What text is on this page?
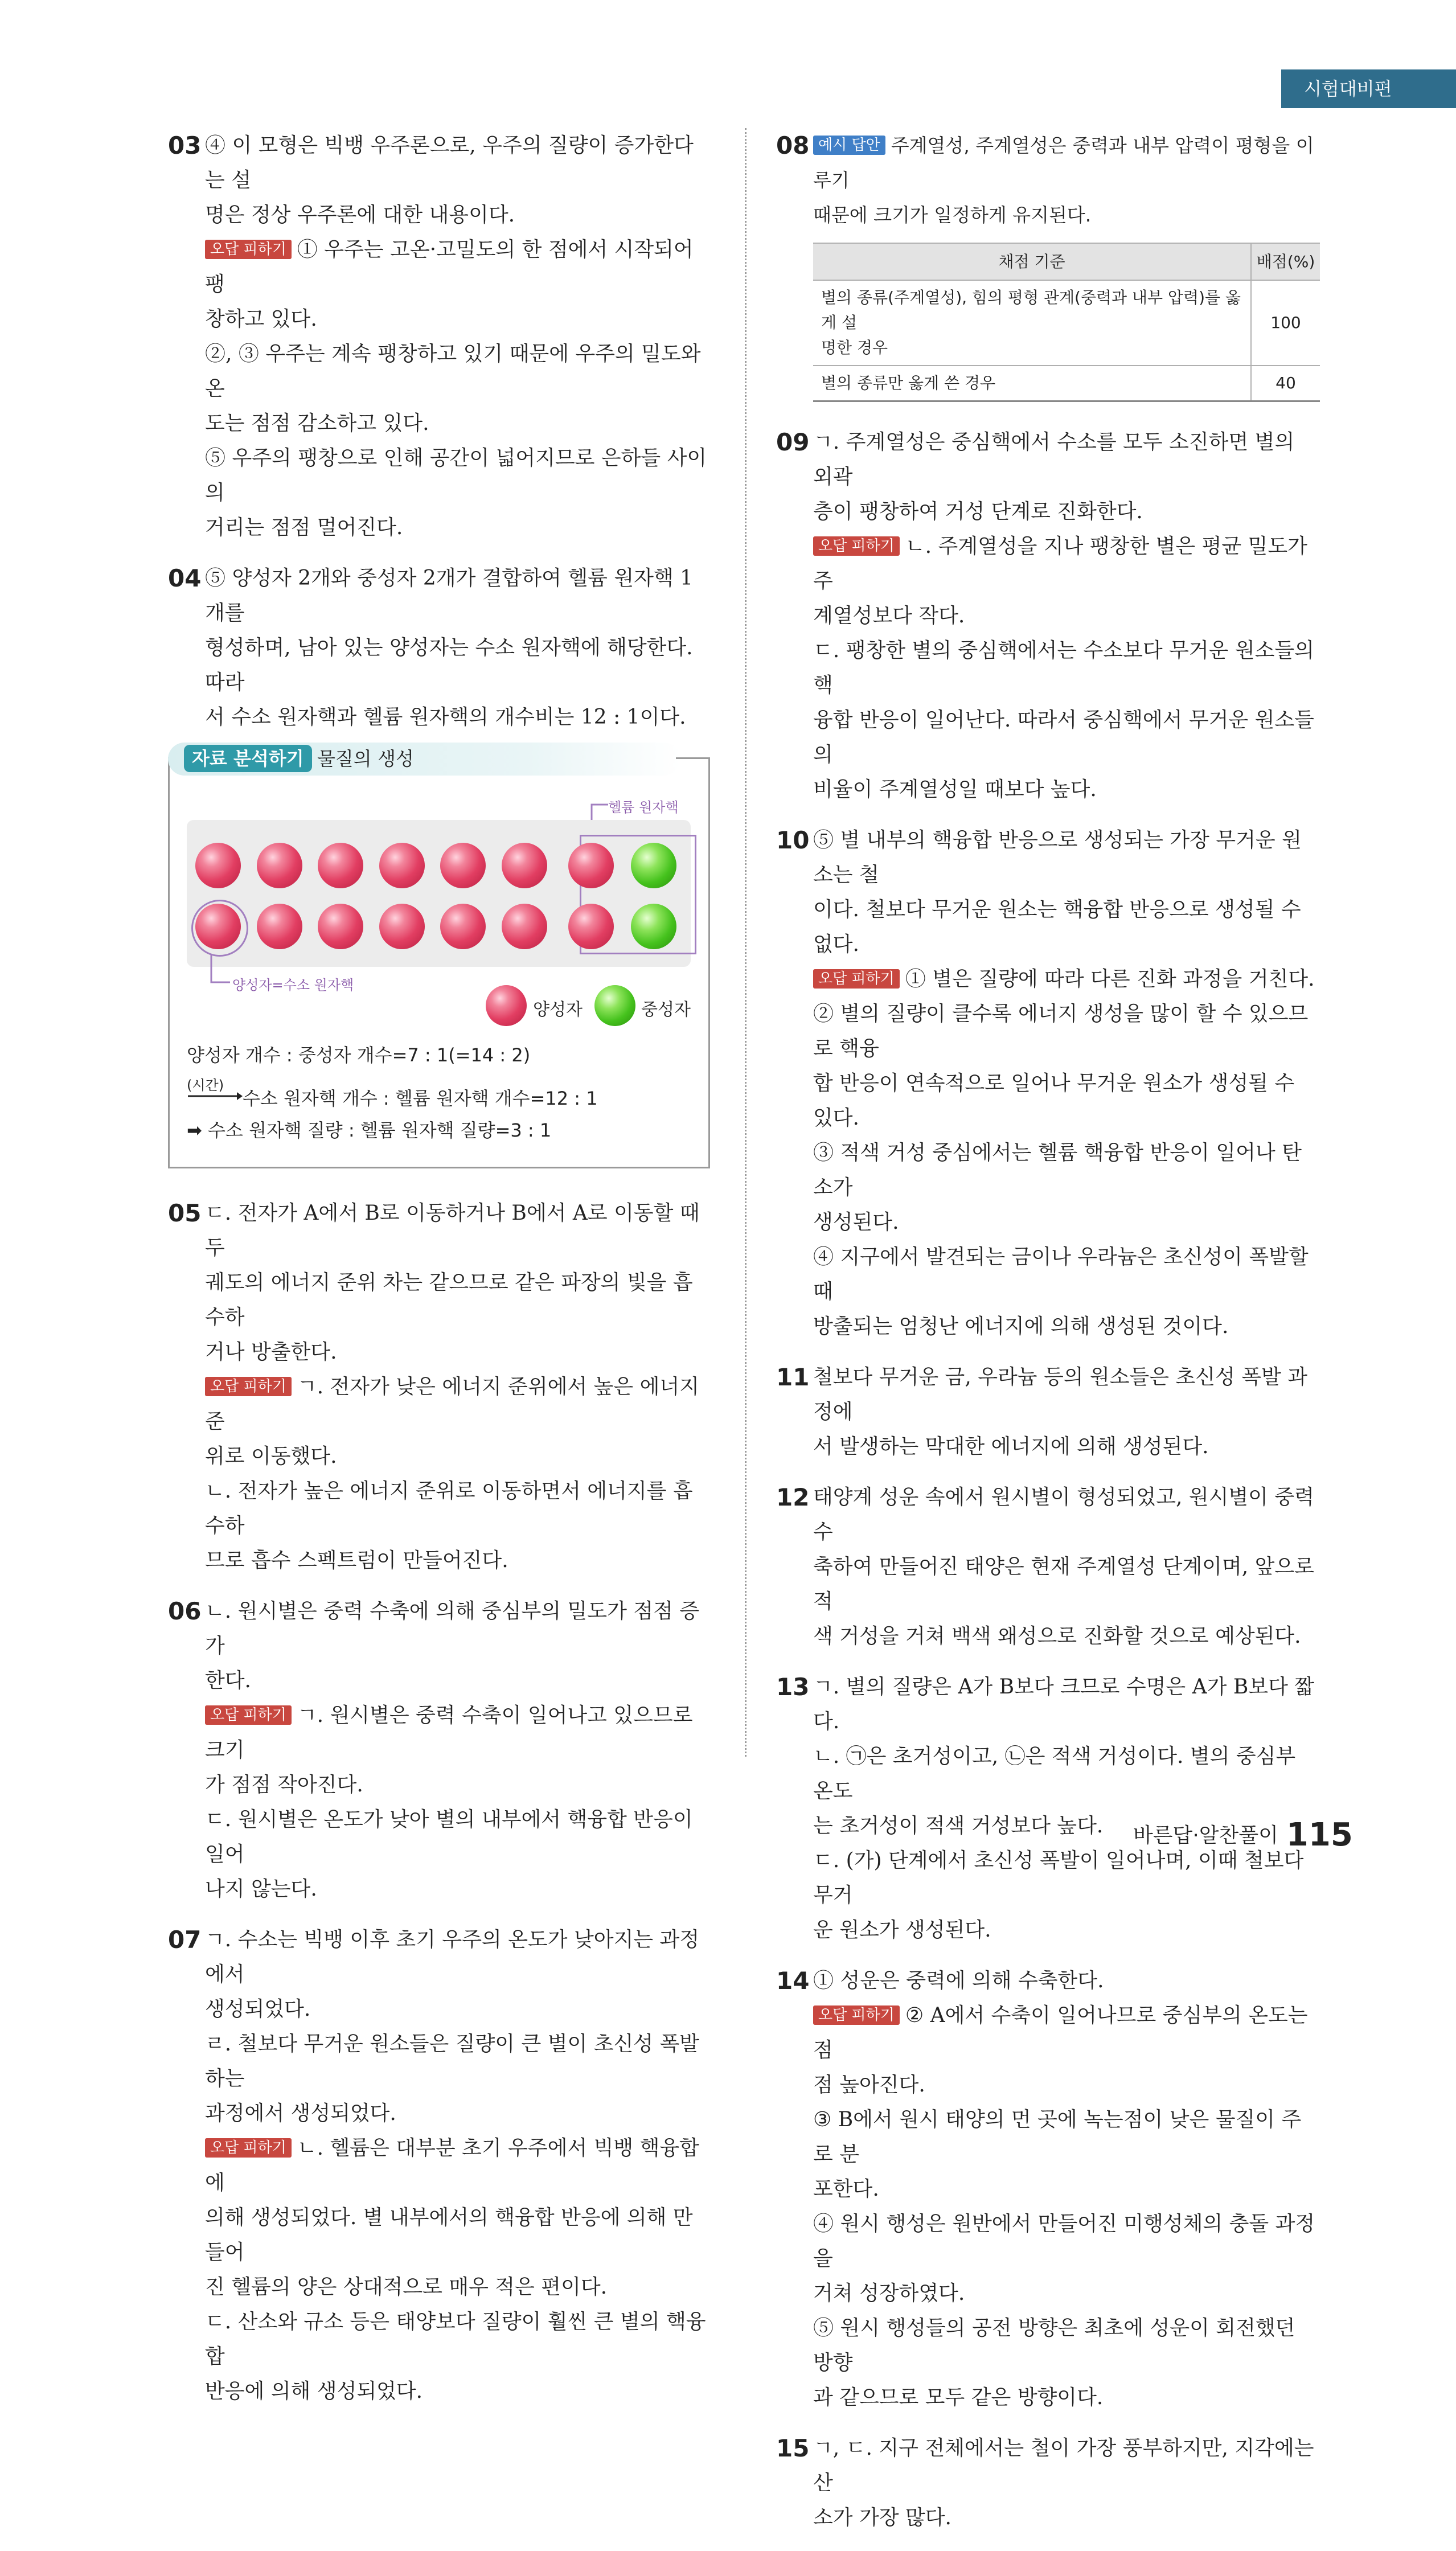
시험대비편
03 ④ 이 모형은 빅뱅 우주론으로, 우주의 질량이 증가한다는 설

명은 정상 우주론에 대한 내용이다.

오답 피하기 ① 우주는 고온·고밀도의 한 점에서 시작되어 팽

창하고 있다.

②, ③ 우주는 계속 팽창하고 있기 때문에 우주의 밀도와 온

도는 점점 감소하고 있다.

⑤ 우주의 팽창으로 인해 공간이 넓어지므로 은하들 사이의

거리는 점점 멀어진다.

04 ⑤ 양성자 2개와 중성자 2개가 결합하여 헬륨 원자핵 1개를

형성하며, 남아 있는 양성자는 수소 원자핵에 해당한다. 따라

서 수소 원자핵과 헬륨 원자핵의 개수비는 12 : 1이다.

자료 분석하기 물질의 생성
헬륨 원자핵
양성자=수소 원자핵
양성자	중성자
양성자 개수 : 중성자 개수=7 : 1(=14 : 2)
(시간)
수소 원자핵 개수 : 헬륨 원자핵 개수=12 : 1
➡ 수소 원자핵 질량 : 헬륨 원자핵 질량=3 : 1
05 ㄷ. 전자가 A에서 B로 이동하거나 B에서 A로 이동할 때 두

궤도의 에너지 준위 차는 같으므로 같은 파장의 빛을 흡수하

거나 방출한다.

오답 피하기 ㄱ. 전자가 낮은 에너지 준위에서 높은 에너지 준

위로 이동했다.

ㄴ. 전자가 높은 에너지 준위로 이동하면서 에너지를 흡수하

므로 흡수 스펙트럼이 만들어진다.

06 ㄴ. 원시별은 중력 수축에 의해 중심부의 밀도가 점점 증가

한다.

오답 피하기 ㄱ. 원시별은 중력 수축이 일어나고 있으므로 크기

가 점점 작아진다.

ㄷ. 원시별은 온도가 낮아 별의 내부에서 핵융합 반응이 일어

나지 않는다.

07 ㄱ. 수소는 빅뱅 이후 초기 우주의 온도가 낮아지는 과정에서

생성되었다.

ㄹ. 철보다 무거운 원소들은 질량이 큰 별이 초신성 폭발하는

과정에서 생성되었다.

오답 피하기 ㄴ. 헬륨은 대부분 초기 우주에서 빅뱅 핵융합에

의해 생성되었다. 별 내부에서의 핵융합 반응에 의해 만들어

진 헬륨의 양은 상대적으로 매우 적은 편이다.

ㄷ. 산소와 규소 등은 태양보다 질량이 훨씬 큰 별의 핵융합

반응에 의해 생성되었다.

08 예시 답안 주계열성, 주계열성은 중력과 내부 압력이 평형을 이루기

때문에 크기가 일정하게 유지된다.

채점 기준	배점(%)
별의 종류(주계열성), 힘의 평형 관계(중력과 내부 압력)를 옳게 설
명한 경우	100
별의 종류만 옳게 쓴 경우	40
09 ㄱ. 주계열성은 중심핵에서 수소를 모두 소진하면 별의 외곽

층이 팽창하여 거성 단계로 진화한다.

오답 피하기 ㄴ. 주계열성을 지나 팽창한 별은 평균 밀도가 주

계열성보다 작다.

ㄷ. 팽창한 별의 중심핵에서는 수소보다 무거운 원소들의 핵

융합 반응이 일어난다. 따라서 중심핵에서 무거운 원소들의

비율이 주계열성일 때보다 높다.

10 ⑤ 별 내부의 핵융합 반응으로 생성되는 가장 무거운 원소는 철

이다. 철보다 무거운 원소는 핵융합 반응으로 생성될 수 없다.

오답 피하기 ① 별은 질량에 따라 다른 진화 과정을 거친다.

② 별의 질량이 클수록 에너지 생성을 많이 할 수 있으므로 핵융

합 반응이 연속적으로 일어나 무거운 원소가 생성될 수 있다.

③ 적색 거성 중심에서는 헬륨 핵융합 반응이 일어나 탄소가

생성된다.

④ 지구에서 발견되는 금이나 우라늄은 초신성이 폭발할 때

방출되는 엄청난 에너지에 의해 생성된 것이다.

11 철보다 무거운 금, 우라늄 등의 원소들은 초신성 폭발 과정에

서 발생하는 막대한 에너지에 의해 생성된다.

12 태양계 성운 속에서 원시별이 형성되었고, 원시별이 중력 수

축하여 만들어진 태양은 현재 주계열성 단계이며, 앞으로 적

색 거성을 거쳐 백색 왜성으로 진화할 것으로 예상된다.

13 ㄱ. 별의 질량은 A가 B보다 크므로 수명은 A가 B보다 짧다.

ㄴ. ㉠은 초거성이고, ㉡은 적색 거성이다. 별의 중심부 온도

는 초거성이 적색 거성보다 높다.

ㄷ. (가) 단계에서 초신성 폭발이 일어나며, 이때 철보다 무거

운 원소가 생성된다.

14 ① 성운은 중력에 의해 수축한다.

오답 피하기 ② A에서 수축이 일어나므로 중심부의 온도는 점

점 높아진다.

③ B에서 원시 태양의 먼 곳에 녹는점이 낮은 물질이 주로 분

포한다.

④ 원시 행성은 원반에서 만들어진 미행성체의 충돌 과정을

거쳐 성장하였다.

⑤ 원시 행성들의 공전 방향은 최초에 성운이 회전했던 방향

과 같으므로 모두 같은 방향이다.

15 ㄱ, ㄷ. 지구 전체에서는 철이 가장 풍부하지만, 지각에는 산

소가 가장 많다.

바른답·알찬풀이 115
